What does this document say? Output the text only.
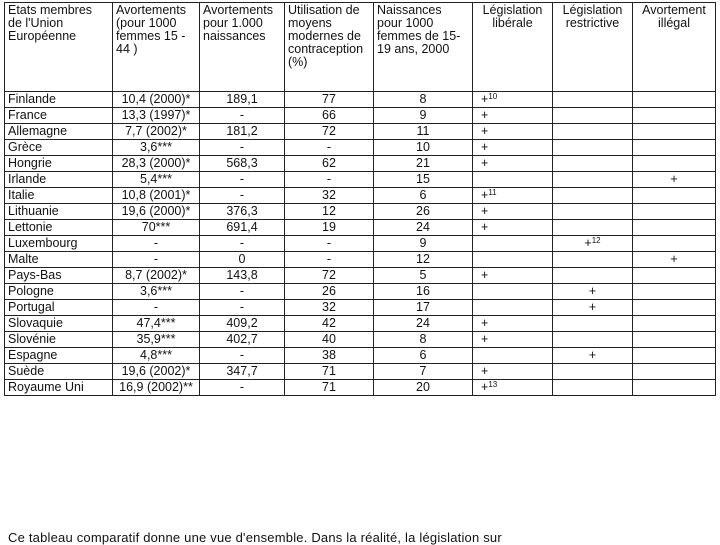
Etats membres de l'Union Européenne	Avortements (pour 1000 femmes 15 - 44 )	Avortements pour 1.000 naissances	Utilisation de moyens modernes de contraception (%)	Naissances pour 1000 femmes de 15-19 ans, 2000	Législation libérale	Législation restrictive	Avortement illégal
Finlande	10,4 (2000)*	189,1	77	8	+$^{10}$		
France	13,3 (1997)*	-	66	9	+		
Allemagne	7,7 (2002)*	181,2	72	11	+		
Grèce	3,6***	-	-	10	+		
Hongrie	28,3 (2000)*	568,3	62	21	+		
Irlande	5,4***	-	-	15			+
Italie	10,8 (2001)*	-	32	6	+$^{11}$		
Lithuanie	19,6 (2000)*	376,3	12	26	+		
Lettonie	70***	691,4	19	24	+		
Luxembourg	-	-	-	9		+$^{12}$	
Malte	-	0	-	12			+
Pays-Bas	8,7 (2002)*	143,8	72	5	+		
Pologne	3,6***	-	26	16		+	
Portugal	-	-	32	17		+	
Slovaquie	47,4***	409,2	42	24	+		
Slovénie	35,9***	402,7	40	8	+		
Espagne	4,8***	-	38	6		+	
Suède	19,6 (2002)*	347,7	71	7	+		
Royaume Uni	16,9 (2002)**	-	71	20	+$^{13}$		
Ce tableau comparatif donne une vue d'ensemble. Dans la réalité, la législation sur
